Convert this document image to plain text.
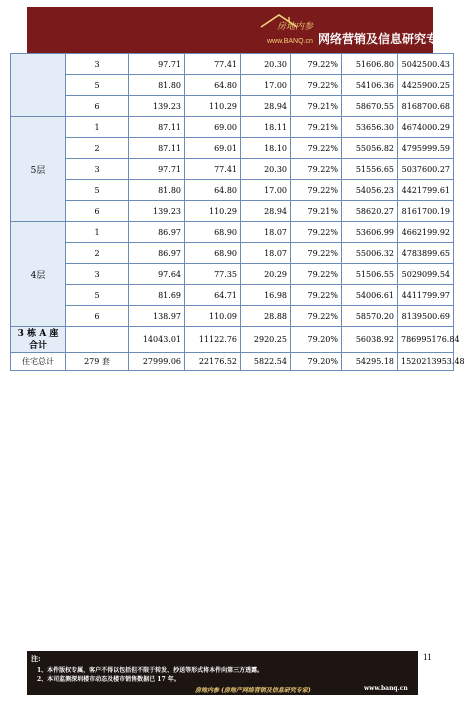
房地内参
www.BANQ.cn 网络营销及信息研究专家
	3	97.71	77.41	20.30	79.22%	51606.80	5042500.43
	5	81.80	64.80	17.00	79.22%	54106.36	4425900.25
	6	139.23	110.29	28.94	79.21%	58670.55	8168700.68
5层	1	87.11	69.00	18.11	79.21%	53656.30	4674000.29
	2	87.11	69.01	18.10	79.22%	55056.82	4795999.59
	3	97.71	77.41	20.30	79.22%	51556.65	5037600.27
	5	81.80	64.80	17.00	79.22%	54056.23	4421799.61
	6	139.23	110.29	28.94	79.21%	58620.27	8161700.19
4层	1	86.97	68.90	18.07	79.22%	53606.99	4662199.92
	2	86.97	68.90	18.07	79.22%	55006.32	4783899.65
	3	97.64	77.35	20.29	79.22%	51506.55	5029099.54
	5	81.69	64.71	16.98	79.22%	54006.61	4411799.97
	6	138.97	110.09	28.88	79.22%	58570.20	8139500.69

3 栋 A 座
合计		14043.01	11122.76	2920.25	79.20%	56038.92	786995176.84
住宅总计	279 套	27999.06	22176.52	5822.54	79.20%	54295.18	1520213953.48
11
注:
1、本件版权专属，客户不得以包括但不限于转发、抄送等形式将本件向第三方透露。
2、本司监测深圳楼市动态及楼市销售数据已 17 年。
房地内参 (房地产网络营销及信息研究专家)	www.banq.cn
